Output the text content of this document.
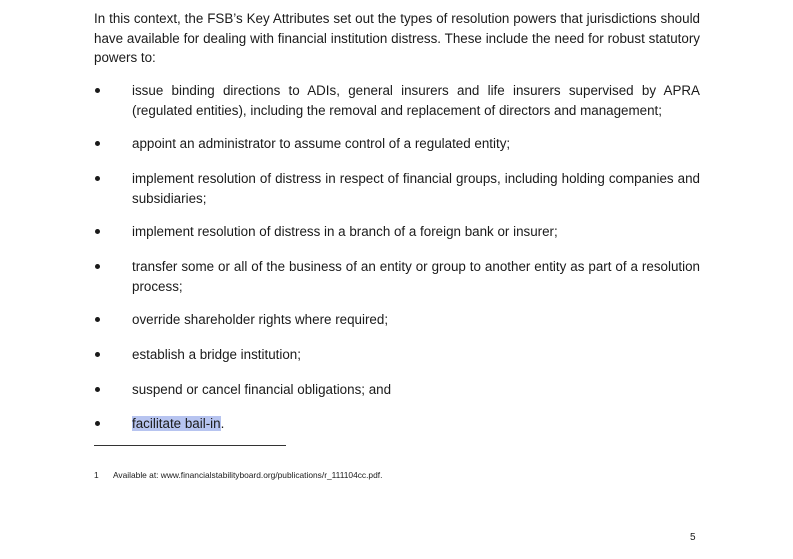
In this context, the FSB’s Key Attributes set out the types of resolution powers that jurisdictions should have available for dealing with financial institution distress. These include the need for robust statutory powers to:

issue binding directions to ADIs, general insurers and life insurers supervised by APRA (regulated entities), including the removal and replacement of directors and management;

appoint an administrator to assume control of a regulated entity;

implement resolution of distress in respect of financial groups, including holding companies and subsidiaries;

implement resolution of distress in a branch of a foreign bank or insurer;

transfer some or all of the business of an entity or group to another entity as part of a resolution process;

override shareholder rights where required;

establish a bridge institution;

suspend or cancel financial obligations; and

facilitate bail-in.

1 Available at: www.financialstabilityboard.org/publications/r_111104cc.pdf.
5
